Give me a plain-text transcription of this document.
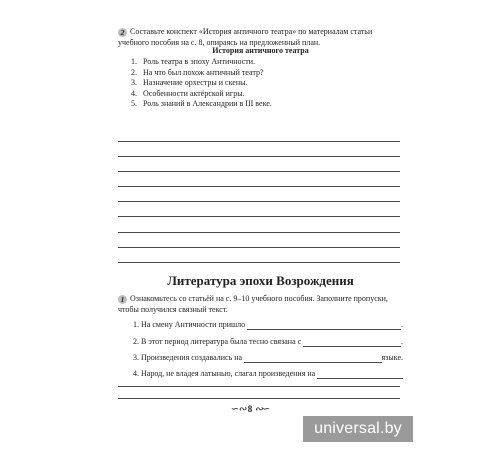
2 Составьте конспект «История античного театра» по материалам статьи учебного пособия на с. 8, опираясь на предложенный план.
История античного театра
1. Роль театра в эпоху Античности.
2. На что был похож античный театр?
3. Назначение орхестры и скены.
4. Особенности актёрской игры.
5. Роль знаний в Александрии в III веке.
Литература эпохи Возрождения
1 Ознакомьтесь со статьёй на с. 9–10 учебного пособия. Заполните пропуски, чтобы получился связный текст.
1.
На смену Античности пришло
	.
2.
В этот период литература была тесно связана с
	.
3.
Произведения создавались на
	языке.
4.
Народ, не владея латынью, слагал произведения на

∽∾ 8 ∾∽
universal.by
